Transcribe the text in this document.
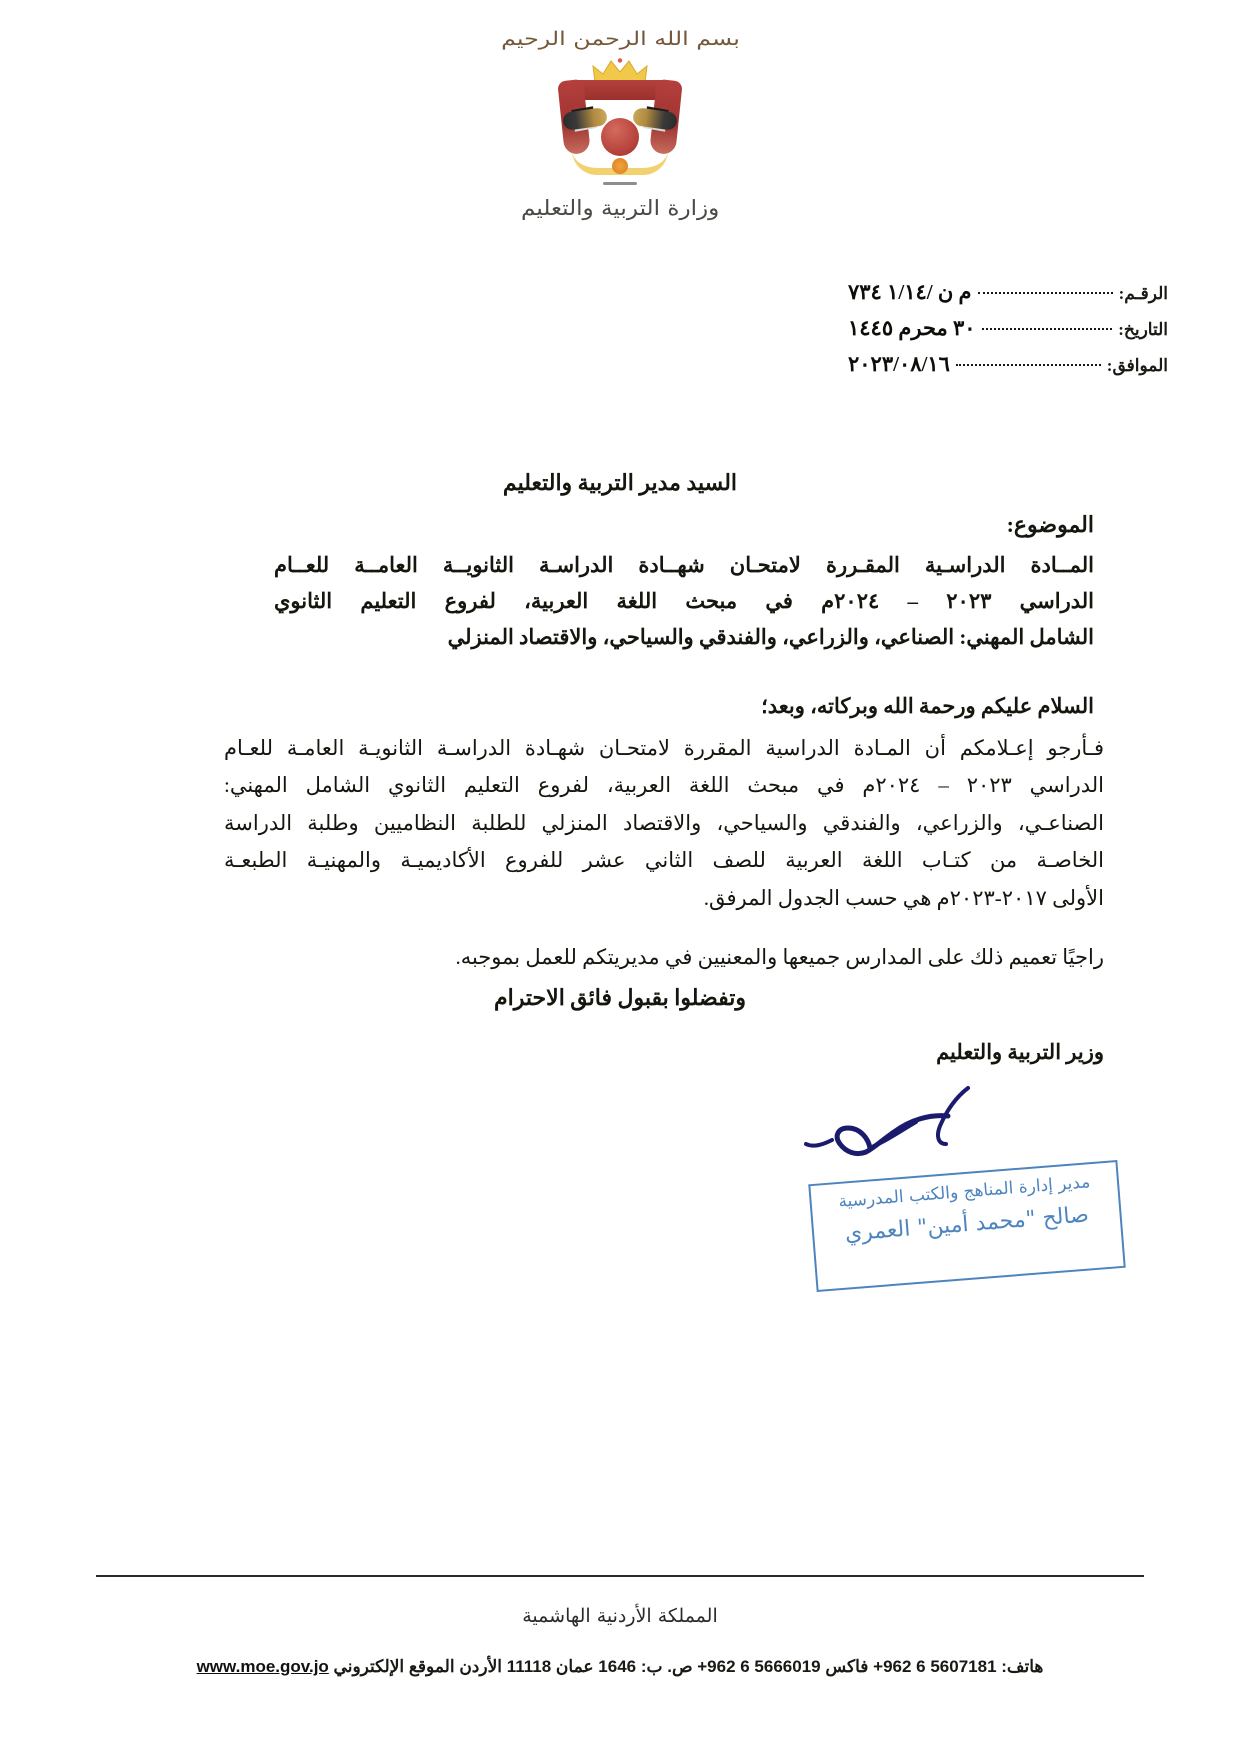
بسم الله الرحمن الرحيم
وزارة التربية والتعليم
الرقـم:
م ن /١/١٤ ٧٣٤
التاريخ:
٣٠ محرم ١٤٤٥
الموافق:
٢٠٢٣/٠٨/١٦
السيد مدير التربية والتعليم
الموضوع:
المــادة الدراسـية المقـررة لامتحـان شهــادة الدراسـة الثانويــة العامــة للعــام
الدراسي ٢٠٢٣ – ٢٠٢٤م في مبحث اللغة العربية، لفروع التعليم الثانوي
الشامل المهني: الصناعي، والزراعي، والفندقي والسياحي، والاقتصاد المنزلي
السلام عليكم ورحمة الله وبركاته، وبعد؛
فـأرجو إعـلامكم أن المـادة الدراسية المقررة لامتحـان شهـادة الدراسـة الثانويـة العامـة للعـام
الدراسي ٢٠٢٣ – ٢٠٢٤م في مبحث اللغة العربية، لفروع التعليم الثانوي الشامل المهني:
الصناعـي، والزراعي، والفندقي والسياحي، والاقتصاد المنزلي للطلبة النظاميين وطلبة الدراسة
الخاصـة من كتـاب اللغة العربية للصف الثاني عشر للفروع الأكاديميـة والمهنيـة الطبعـة
الأولى ٢٠١٧-٢٠٢٣م هي حسب الجدول المرفق.
راجيًا تعميم ذلك على المدارس جميعها والمعنيين في مديريتكم للعمل بموجبه.
وتفضلوا بقبول فائق الاحترام
وزير التربية والتعليم
مدير إدارة المناهج والكتب المدرسية
صالح "محمد أمين" العمري
المملكة الأردنية الهاشمية
هاتف: +962 6 5607181 فاكس +962 6 5666019 ص. ب: 1646 عمان 11118 الأردن الموقع الإلكتروني www.moe.gov.jo
